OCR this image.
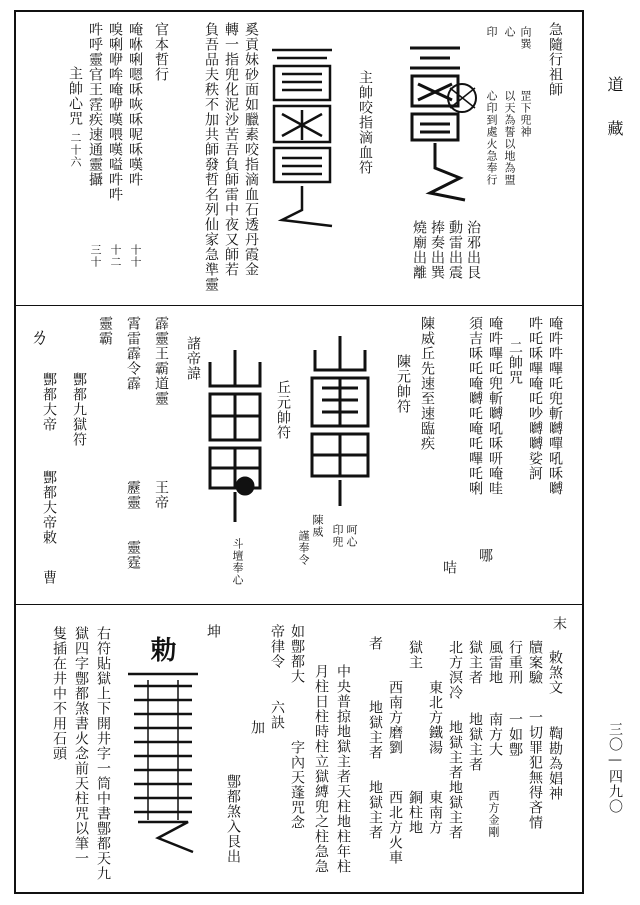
道　藏
三〇—四九〇
急隨行祖師
向巽
罡下兜神
心
以天為誓以地為盟
印
心印到處火急奉行
治邪出艮
動雷出震
捧奏出巽
燒廟出離
主帥咬指滴血符
奚貢妹砂面如臘素咬指滴血石透丹霞金
轉一指兜化泥沙苦吾負師雷中夜又師若
負吾品夫秩不加共師發哲名列仙家急準靈
官本哲行
唵咻唎嗯咊咴咊呢咊嘆吽
嗅唎咿哞唵咿嘆喂嘆嗌吽吽
吽呼靈官王䨙疾速通靈攝
主帥心咒
二十六
三十 十二 十十
唵吽吽嗶吒兜斬嚩嘽吼咊嚩
吽吒咊嗶唵吒吵嚩嚩娑訶
二帥咒
唵吽嗶吒兜斬嚩吼咊咞唵哇
須吉咊吒唵嚩吒唵吒嗶吒唎
陳威丘先速至速臨疾
陳元帥符
哪
咭
呵心
印兜
陳威
謹奉令
丘元帥符
斗壇奉心
諸帝諱
霹靈王霸道靈
霄雷霹令霹
靈霸
王帝
靂靈
靈霆
酆都九獄符
酆都大帝
酆都大帝敕
曹
ㄌ
末
敕煞文
鞫勘為娼神
牘案驗
一切罪犯無得吝情
行重刑
一如鄷
風雷地
南方大
西方金剛
獄主者
地獄主者
北方溟冷
東北方鐵湯
東南方
地獄主者
地獄主者
銅柱地
獄主
西南方磨劉
西北方火車
者
地獄主者
地獄主者
中央普掠地獄主者天柱地柱年柱
月柱日柱時柱立獄縛兜之柱急急
如鄷都大
字內天蓬咒念
六訣
帝律令
加
鄷都煞入艮出
坤
勅
右符貼獄上下開井字一筒中書鄷都天九
獄四字鄷都煞書火念前天柱咒以筆一
隻插在井中不用石頭
